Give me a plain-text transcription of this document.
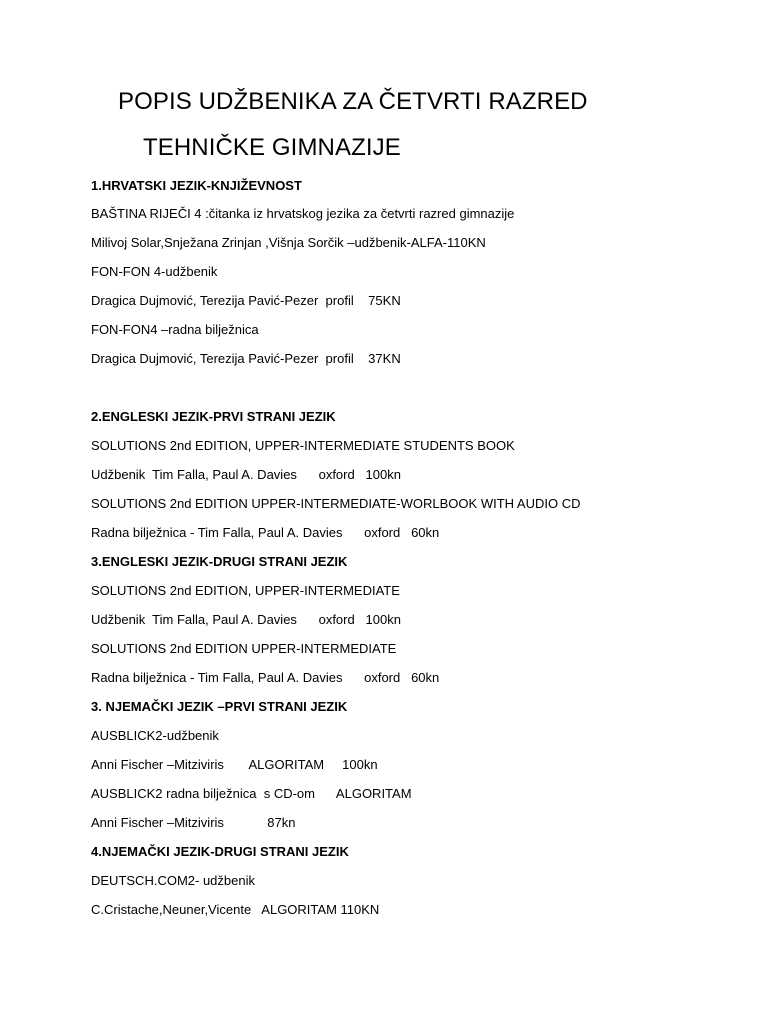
POPIS UDŽBENIKA ZA ČETVRTI RAZRED
TEHNIČKE GIMNAZIJE
1.HRVATSKI JEZIK-KNJIŽEVNOST
BAŠTINA RIJEČI 4 :čitanka iz hrvatskog jezika za četvrti razred gimnazije
Milivoj Solar,Snježana Zrinjan ,Višnja Sorčik –udžbenik-ALFA-110KN
FON-FON 4-udžbenik
Dragica Dujmović, Terezija Pavić-Pezer  profil    75KN
FON-FON4 –radna bilježnica
Dragica Dujmović, Terezija Pavić-Pezer  profil    37KN
2.ENGLESKI JEZIK-PRVI STRANI JEZIK
SOLUTIONS 2nd EDITION, UPPER-INTERMEDIATE STUDENTS BOOK
Udžbenik  Tim Falla, Paul A. Davies      oxford   100kn
SOLUTIONS 2nd EDITION UPPER-INTERMEDIATE-WORLBOOK WITH AUDIO CD
Radna bilježnica - Tim Falla, Paul A. Davies      oxford   60kn
3.ENGLESKI JEZIK-DRUGI STRANI JEZIK
SOLUTIONS 2nd EDITION, UPPER-INTERMEDIATE
Udžbenik  Tim Falla, Paul A. Davies      oxford   100kn
SOLUTIONS 2nd EDITION UPPER-INTERMEDIATE
Radna bilježnica - Tim Falla, Paul A. Davies      oxford   60kn
3. NJEMAČKI JEZIK –PRVI STRANI JEZIK
AUSBLICK2-udžbenik
Anni Fischer –Mitziviris       ALGORITAM     100kn
AUSBLICK2 radna bilježnica  s CD-om      ALGORITAM
Anni Fischer –Mitziviris            87kn
4.NJEMAČKI JEZIK-DRUGI STRANI JEZIK
DEUTSCH.COM2- udžbenik
C.Cristache,Neuner,Vicente   ALGORITAM 110KN
